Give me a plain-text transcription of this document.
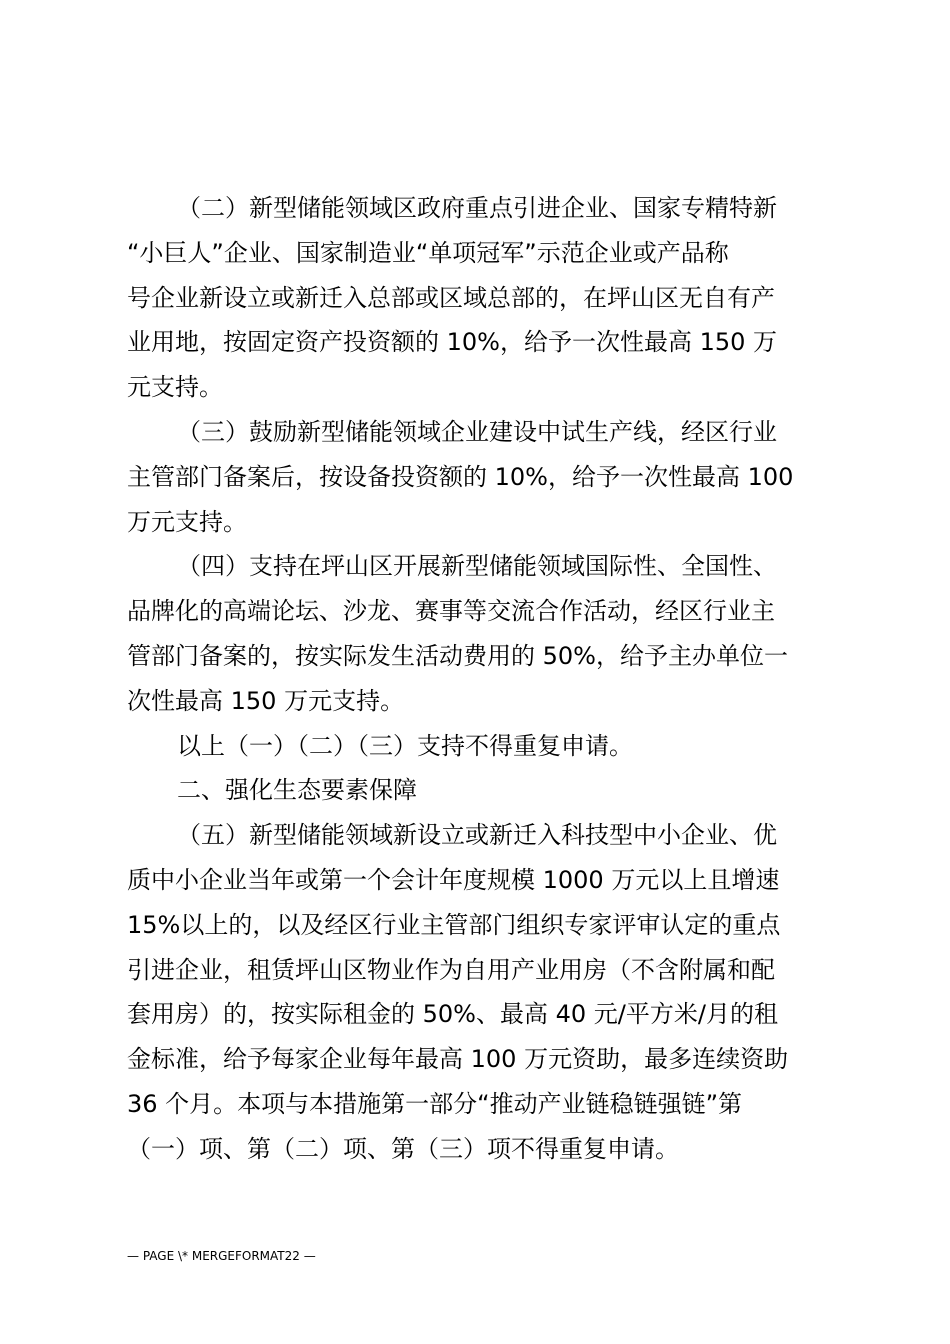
（二）新型储能领域区政府重点引进企业、国家专精特新
“小巨人”企业、国家制造业“单项冠军”示范企业或产品称
号企业新设立或新迁入总部或区域总部的，在坪山区无自有产
业用地，按固定资产投资额的 10%，给予一次性最高 150 万
元支持。
（三）鼓励新型储能领域企业建设中试生产线，经区行业
主管部门备案后，按设备投资额的 10%，给予一次性最高 100
万元支持。
（四）支持在坪山区开展新型储能领域国际性、全国性、
品牌化的高端论坛、沙龙、赛事等交流合作活动，经区行业主
管部门备案的，按实际发生活动费用的 50%，给予主办单位一
次性最高 150 万元支持。
以上（一）（二）（三）支持不得重复申请。
二、强化生态要素保障
（五）新型储能领域新设立或新迁入科技型中小企业、优
质中小企业当年或第一个会计年度规模 1000 万元以上且增速
15%以上的，以及经区行业主管部门组织专家评审认定的重点
引进企业，租赁坪山区物业作为自用产业用房（不含附属和配
套用房）的，按实际租金的 50%、最高 40 元/平方米/月的租
金标准，给予每家企业每年最高 100 万元资助，最多连续资助
36 个月。本项与本措施第一部分“推动产业链稳链强链”第
（一）项、第（二）项、第（三）项不得重复申请。
— PAGE \* MERGEFORMAT22 —
